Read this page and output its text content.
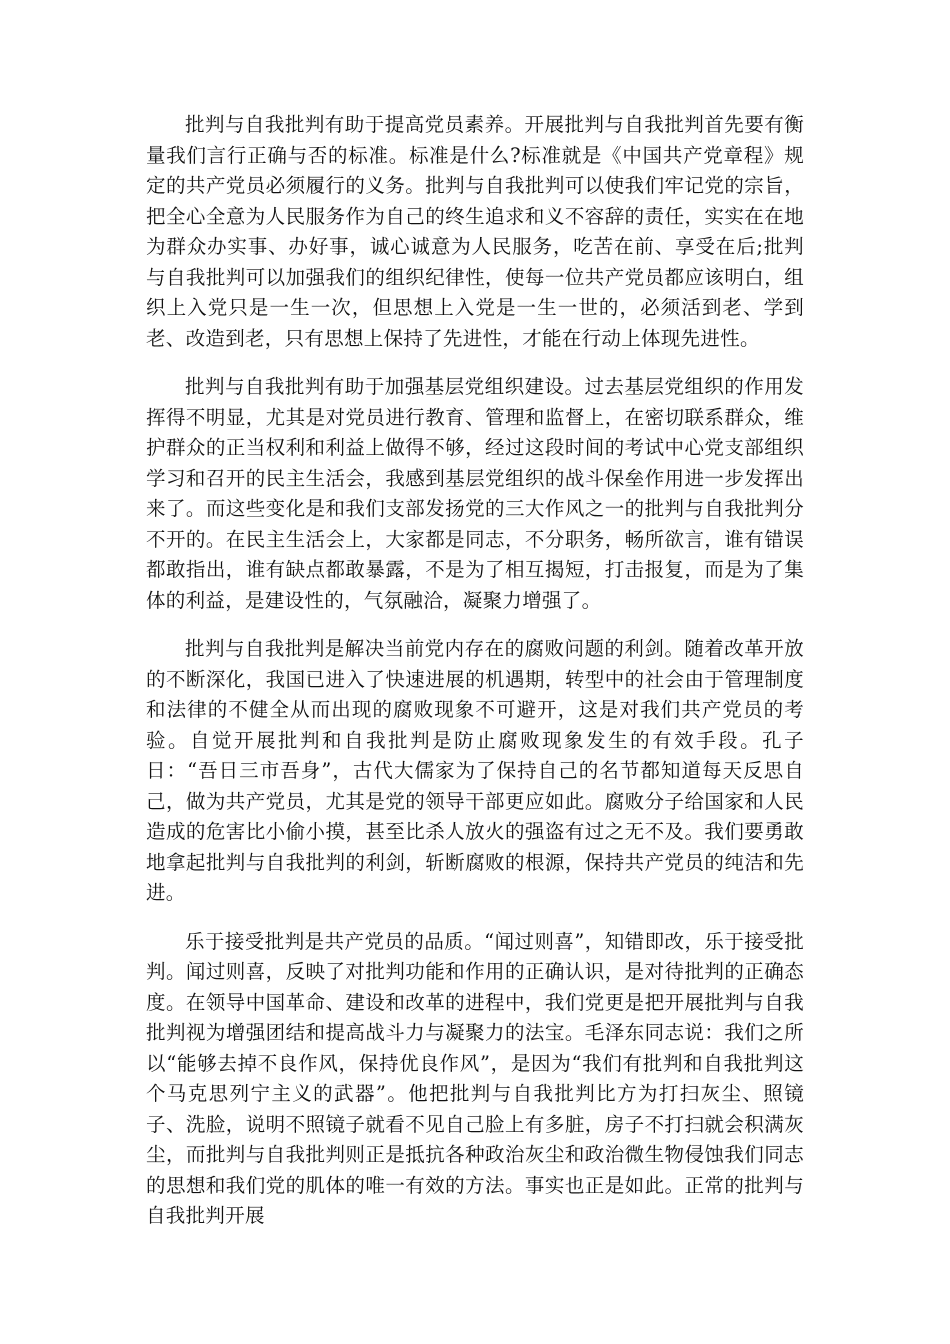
批判与自我批判有助于提高党员素养。开展批判与自我批判首先要有衡量我们言行正确与否的标准。标准是什么?标准就是《中国共产党章程》规定的共产党员必须履行的义务。批判与自我批判可以使我们牢记党的宗旨，把全心全意为人民服务作为自己的终生追求和义不容辞的责任，实实在在地为群众办实事、办好事，诚心诚意为人民服务，吃苦在前、享受在后;批判与自我批判可以加强我们的组织纪律性，使每一位共产党员都应该明白，组织上入党只是一生一次，但思想上入党是一生一世的，必须活到老、学到老、改造到老，只有思想上保持了先进性，才能在行动上体现先进性。

批判与自我批判有助于加强基层党组织建设。过去基层党组织的作用发挥得不明显，尤其是对党员进行教育、管理和监督上，在密切联系群众，维护群众的正当权利和利益上做得不够，经过这段时间的考试中心党支部组织学习和召开的民主生活会，我感到基层党组织的战斗保垒作用进一步发挥出来了。而这些变化是和我们支部发扬党的三大作风之一的批判与自我批判分不开的。在民主生活会上，大家都是同志，不分职务，畅所欲言，谁有错误都敢指出，谁有缺点都敢暴露，不是为了相互揭短，打击报复，而是为了集体的利益，是建设性的，气氛融洽，凝聚力增强了。

批判与自我批判是解决当前党内存在的腐败问题的利剑。随着改革开放的不断深化，我国已进入了快速进展的机遇期，转型中的社会由于管理制度和法律的不健全从而出现的腐败现象不可避开，这是对我们共产党员的考验。自觉开展批判和自我批判是防止腐败现象发生的有效手段。孔子日：“吾日三市吾身”，古代大儒家为了保持自己的名节都知道每天反思自己，做为共产党员，尤其是党的领导干部更应如此。腐败分子给国家和人民造成的危害比小偷小摸，甚至比杀人放火的强盗有过之无不及。我们要勇敢地拿起批判与自我批判的利剑，斩断腐败的根源，保持共产党员的纯洁和先进。

乐于接受批判是共产党员的品质。“闻过则喜”，知错即改，乐于接受批判。闻过则喜，反映了对批判功能和作用的正确认识，是对待批判的正确态度。在领导中国革命、建设和改革的进程中，我们党更是把开展批判与自我批判视为增强团结和提高战斗力与凝聚力的法宝。毛泽东同志说：我们之所以“能够去掉不良作风，保持优良作风”，是因为“我们有批判和自我批判这个马克思列宁主义的武器”。他把批判与自我批判比方为打扫灰尘、照镜子、洗脸，说明不照镜子就看不见自己脸上有多脏，房子不打扫就会积满灰尘，而批判与自我批判则正是抵抗各种政治灰尘和政治微生物侵蚀我们同志的思想和我们党的肌体的唯一有效的方法。事实也正是如此。正常的批判与自我批判开展
